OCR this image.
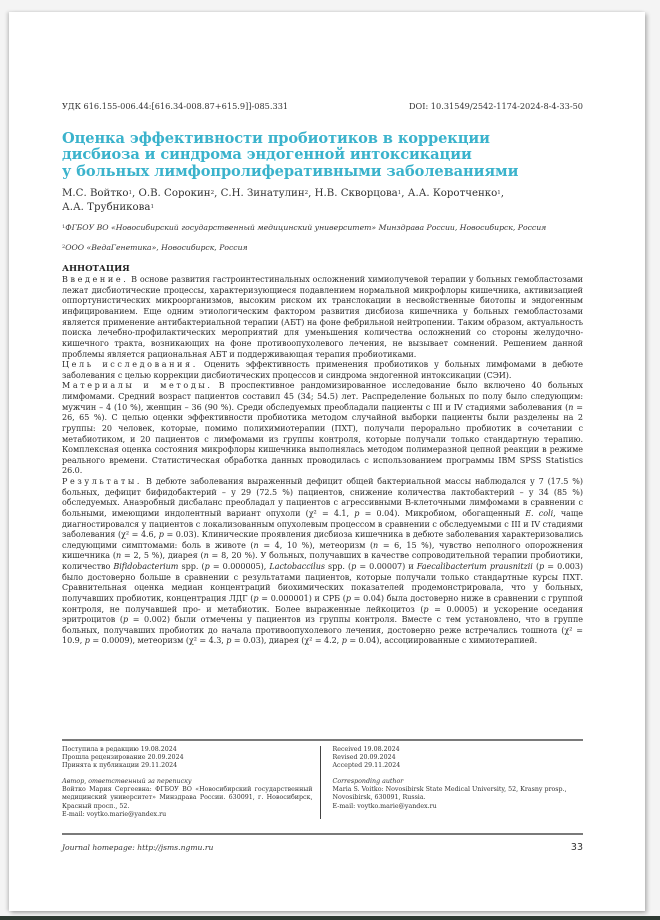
УДК 616.155-006.44:[616.34-008.87+615.9]]-085.331	DOI: 10.31549/2542-1174-2024-8-4-33-50
Оценка эффективности пробиотиков в коррекции
дисбиоза и синдрома эндогенной интоксикации
у больных лимфопролиферативными заболеваниями
М.С. Войтко$^1$, О.В. Сорокин$^2$, С.Н. Зинатулин$^2$, Н.В. Скворцова$^1$, А.А. Коротченко$^1$,
А.А. Трубникова$^1$
$^1$ФГБОУ ВО «Новосибирский государственный медицинский университет» Минздрава России, Новосибирск, Россия
$^2$ООО «ВедаГенетика», Новосибирск, Россия
АННОТАЦИЯ

Введение. В основе развития гастроинтестинальных осложнений химиолучевой терапии у больных гемобластозами лежат дисбиотические процессы, характеризующиеся подавлением нормальной микрофлоры кишечника, активизацией оппортунистических микроорганизмов, высоким риском их транслокации в несвойственные биотопы и эндогенным инфицированием. Еще одним этиологическим фактором развития дисбиоза кишечника у больных гемобластозами является применение антибактериальной терапии (АБТ) на фоне фебрильной нейтропении. Таким образом, актуальность поиска лечебно-профилактических мероприятий для уменьшения количества осложнений со стороны желудочно-кишечного тракта, возникающих на фоне противоопухолевого лечения, не вызывает сомнений. Решением данной проблемы является рациональная АБТ и поддерживающая терапия пробиотиками.

Цель исследования. Оценить эффективность применения пробиотиков у больных лимфомами в дебюте заболевания с целью коррекции дисбиотических процессов и синдрома эндогенной интоксикации (СЭИ).

Материалы и методы. В проспективное рандомизированное исследование было включено 40 больных лимфомами. Средний возраст пациентов составил 45 (34; 54.5) лет. Распределение больных по полу было следующим: мужчин – 4 (10 %), женщин – 36 (90 %). Среди обследуемых преобладали пациенты с III и IV стадиями заболевания (n = 26, 65 %). С целью оценки эффективности пробиотика методом случайной выборки пациенты были разделены на 2 группы: 20 человек, которые, помимо полихимиотерапии (ПХТ), получали перорально пробиотик в сочетании с метабиотиком, и 20 пациентов с лимфомами из группы контроля, которые получали только стандартную терапию. Комплексная оценка состояния микрофлоры кишечника выполнялась методом полимеразной цепной реакции в режиме реального времени. Статистическая обработка данных проводилась с использованием программы IBM SPSS Statistics 26.0.

Результаты. В дебюте заболевания выраженный дефицит общей бактериальной массы наблюдался у 7 (17.5 %) больных, дефицит бифидобактерий – у 29 (72.5 %) пациентов, снижение количества лактобактерий – у 34 (85 %) обследуемых. Анаэробный дисбаланс преобладал у пациентов с агрессивными В-клеточными лимфомами в сравнении с больными, имеющими индолентный вариант опухоли (χ² = 4.1, p = 0.04). Микробиом, обогащенный E. coli, чаще диагностировался у пациентов с локализованным опухолевым процессом в сравнении с обследуемыми с III и IV стадиями заболевания (χ² = 4.6, p = 0.03). Клинические проявления дисбиоза кишечника в дебюте заболевания характеризовались следующими симптомами: боль в животе (n = 4, 10 %), метеоризм (n = 6, 15 %), чувство неполного опорожнения кишечника (n = 2, 5 %), диарея (n = 8, 20 %). У больных, получавших в качестве сопроводительной терапии пробиотики, количество Bifidobacterium spp. (p = 0.000005), Lactobaccilus spp. (p = 0.00007) и Faecalibacterium prausnitzii (p = 0.003) было достоверно больше в сравнении с результатами пациентов, которые получали только стандартные курсы ПХТ. Сравнительная оценка медиан концентраций биохимических показателей продемонстрировала, что у больных, получавших пробиотик, концентрация ЛДГ (p = 0.000001) и СРБ (p = 0.04) была достоверно ниже в сравнении с группой контроля, не получавшей про- и метабиотик. Более выраженные лейкоцитоз (p = 0.0005) и ускорение оседания эритроцитов (p = 0.002) были отмечены у пациентов из группы контроля. Вместе с тем установлено, что в группе больных, получавших пробиотик до начала противоопухолевого лечения, достоверно реже встречались тошнота (χ² = 10.9, p = 0.0009), метеоризм (χ² = 4.3, p = 0.03), диарея (χ² = 4.2, p = 0.04), ассоциированные с химиотерапией.

Поступила в редакцию 19.08.2024
Прошла рецензирование 20.09.2024
Принята к публикации 29.11.2024
Автор, ответственный за переписку
Войтко Мария Сергеевна: ФГБОУ ВО «Новосибирский государственный медицинский университет» Минздрава России. 630091, г. Новосибирск, Красный просп., 52.
E-mail: voytko.marie@yandex.ru
Received 19.08.2024
Revised 20.09.2024
Accepted 29.11.2024
Corresponding author
Maria S. Voitko: Novosibirsk State Medical University, 52, Krasny prosp., Novosibirsk, 630091, Russia.
E-mail: voytko.marie@yandex.ru
Journal homepage: http://jsms.ngmu.ru	33
